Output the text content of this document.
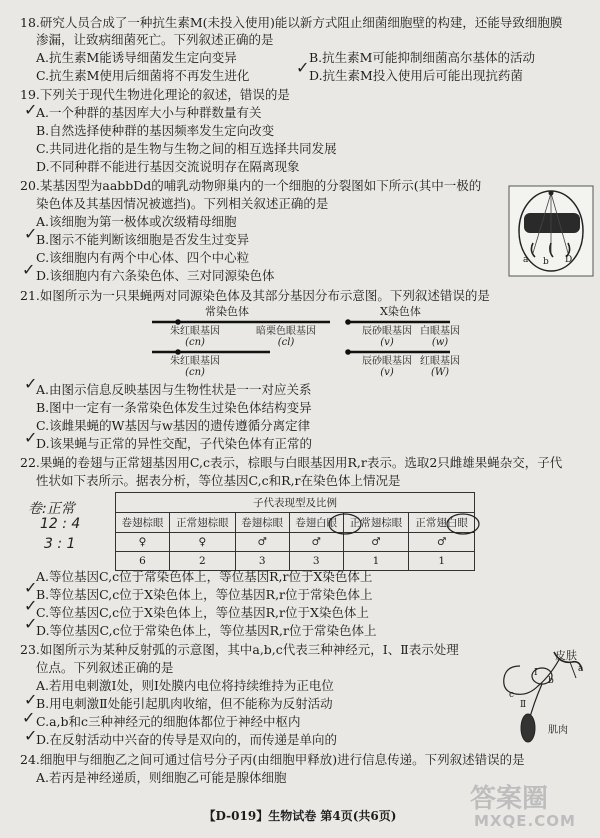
18.研究人员合成了一种抗生素M(未投入使用)能以新方式阻止细菌细胞壁的构建，还能导致细胞膜
渗漏，让致病细菌死亡。下列叙述正确的是
A.抗生素M能诱导细菌发生定向变异	B.抗生素M可能抑制细菌高尔基体的活动
C.抗生素M使用后细菌将不再发生进化	D.抗生素M投入使用后可能出现抗药菌
✓
19.下列关于现代生物进化理论的叙述，错误的是
A.一个种群的基因库大小与种群数量有关
B.自然选择使种群的基因频率发生定向改变
C.共同进化指的是生物与生物之间的相互选择共同发展
D.不同种群不能进行基因交流说明存在隔离现象
✓
20.某基因型为aabbDd的哺乳动物卵巢内的一个细胞的分裂图如下所示(其中一极的
染色体及其基因情况被遮挡)。下列相关叙述正确的是
A.该细胞为第一极体或次级精母细胞
B.图示不能判断该细胞是否发生过变异
C.该细胞内有两个中心体、四个中心粒
D.该细胞内有六条染色体、三对同源染色体
✓
✓	a b D
21.如图所示为一只果蝇两对同源染色体及其部分基因分布示意图。下列叙述错误的是
常染色体	X染色体
朱红眼基因
(cn)
暗栗色眼基因
(cl)
辰砂眼基因
(v)
白眼基因
(w)
朱红眼基因
(cn)
辰砂眼基因
(v)
红眼基因
(W)
A.由图示信息反映基因与生物性状是一一对应关系
B.图中一定有一条常染色体发生过染色体结构变异
C.该雌果蝇的W基因与w基因的遗传遵循分离定律
D.该果蝇与正常的异性交配，子代染色体有正常的
✓
✓
22.果蝇的卷翅与正常翅基因用C,c表示，棕眼与白眼基因用R,r表示。选取2只雌雄果蝇杂交，子代
性状如下表所示。据表分析，等位基因C,c和R,r在染色体上情况是
子代表现型及比例					
卷翅棕眼	正常翅棕眼	卷翅棕眼	卷翅白眼	正常翅棕眼	正常翅白眼
♀	♀	♂	♂	♂	♂
6	2	3	3	1	1
卷:正常
12 : 4
3 : 1
A.等位基因C,c位于常染色体上，等位基因R,r位于X染色体上
B.等位基因C,c位于X染色体上，等位基因R,r位于常染色体上
C.等位基因C,c位于X染色体上，等位基因R,r位于X染色体上
D.等位基因C,c位于常染色体上，等位基因R,r位于常染色体上
✓
✓
✓
23.如图所示为某种反射弧的示意图，其中a,b,c代表三种神经元，Ⅰ、Ⅱ表示处理
位点。下列叙述正确的是
A.若用电刺激Ⅰ处，则Ⅰ处膜内电位将持续维持为正电位
B.用电刺激Ⅱ处能引起肌肉收缩，但不能称为反射活动
C.a,b和c三种神经元的细胞体都位于神经中枢内
D.在反射活动中兴奋的传导是双向的，而传递是单向的
✓
✓
✓
皮肤
肌肉
Ⅰ
Ⅱ
a
b
c
24.细胞甲与细胞乙之间可通过信号分子丙(由细胞甲释放)进行信息传递。下列叙述错误的是
A.若丙是神经递质，则细胞乙可能是腺体细胞
答案圈
MXQE.COM
【D-019】生物试卷 第4页(共6页)
